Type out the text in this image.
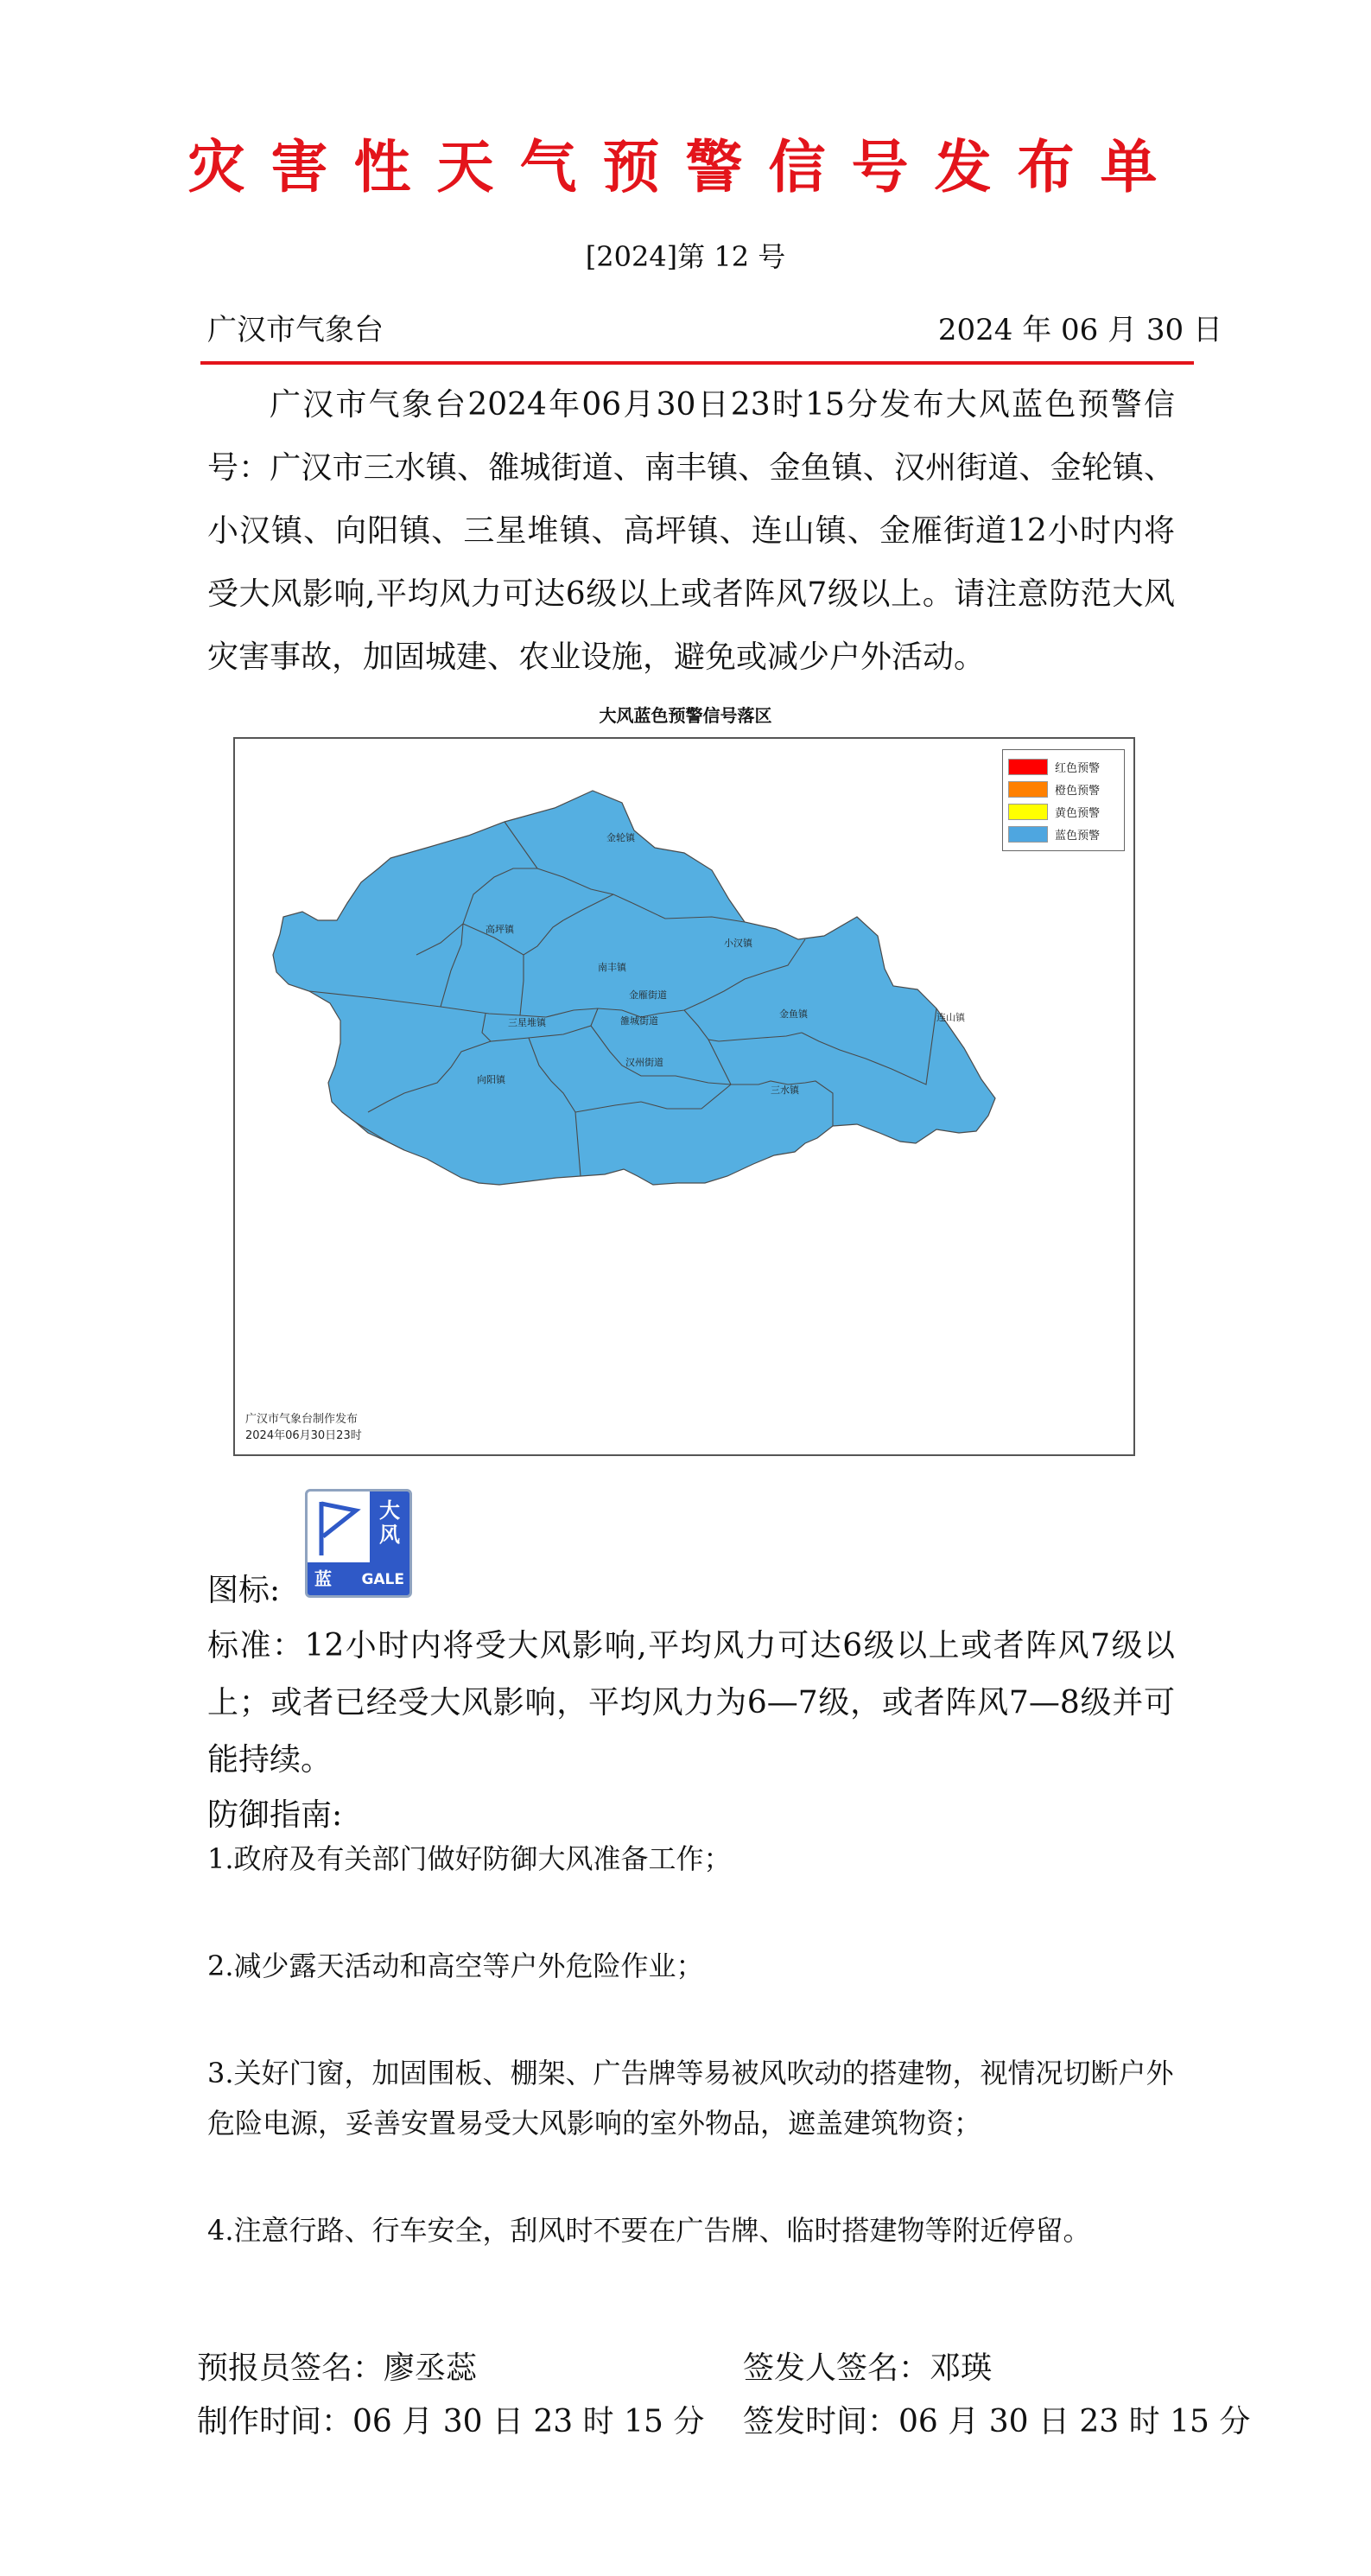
灾害性天气预警信号发布单
[2024]第 12 号
广汉市气象台	2024 年 06 月 30 日
广汉市气象台2024年06月30日23时15分发布大风蓝色预警信号：广汉市三水镇、雒城街道、南丰镇、金鱼镇、汉州街道、金轮镇、小汉镇、向阳镇、三星堆镇、高坪镇、连山镇、金雁街道12小时内将受大风影响,平均风力可达6级以上或者阵风7级以上。请注意防范大风灾害事故，加固城建、农业设施，避免或减少户外活动。
大风蓝色预警信号落区
金轮镇
高坪镇
小汉镇
南丰镇
金雁街道
三星堆镇	雒城街道
金鱼镇	连山镇
向阳镇
汉州街道
三水镇
红色预警
橙色预警
黄色预警
蓝色预警
广汉市气象台制作发布
2024年06月30日23时
图标:
大风
蓝 GALE
标准：12小时内将受大风影响,平均风力可达6级以上或者阵风7级以上；或者已经受大风影响，平均风力为6—7级，或者阵风7—8级并可能持续。
防御指南:
1.政府及有关部门做好防御大风准备工作；
2.减少露天活动和高空等户外危险作业；
3.关好门窗，加固围板、棚架、广告牌等易被风吹动的搭建物，视情况切断户外危险电源，妥善安置易受大风影响的室外物品，遮盖建筑物资；
4.注意行路、行车安全，刮风时不要在广告牌、临时搭建物等附近停留。
预报员签名：廖丞蕊	签发人签名：邓瑛
制作时间：06 月 30 日 23 时 15 分 签发时间：06 月 30 日 23 时 15 分
